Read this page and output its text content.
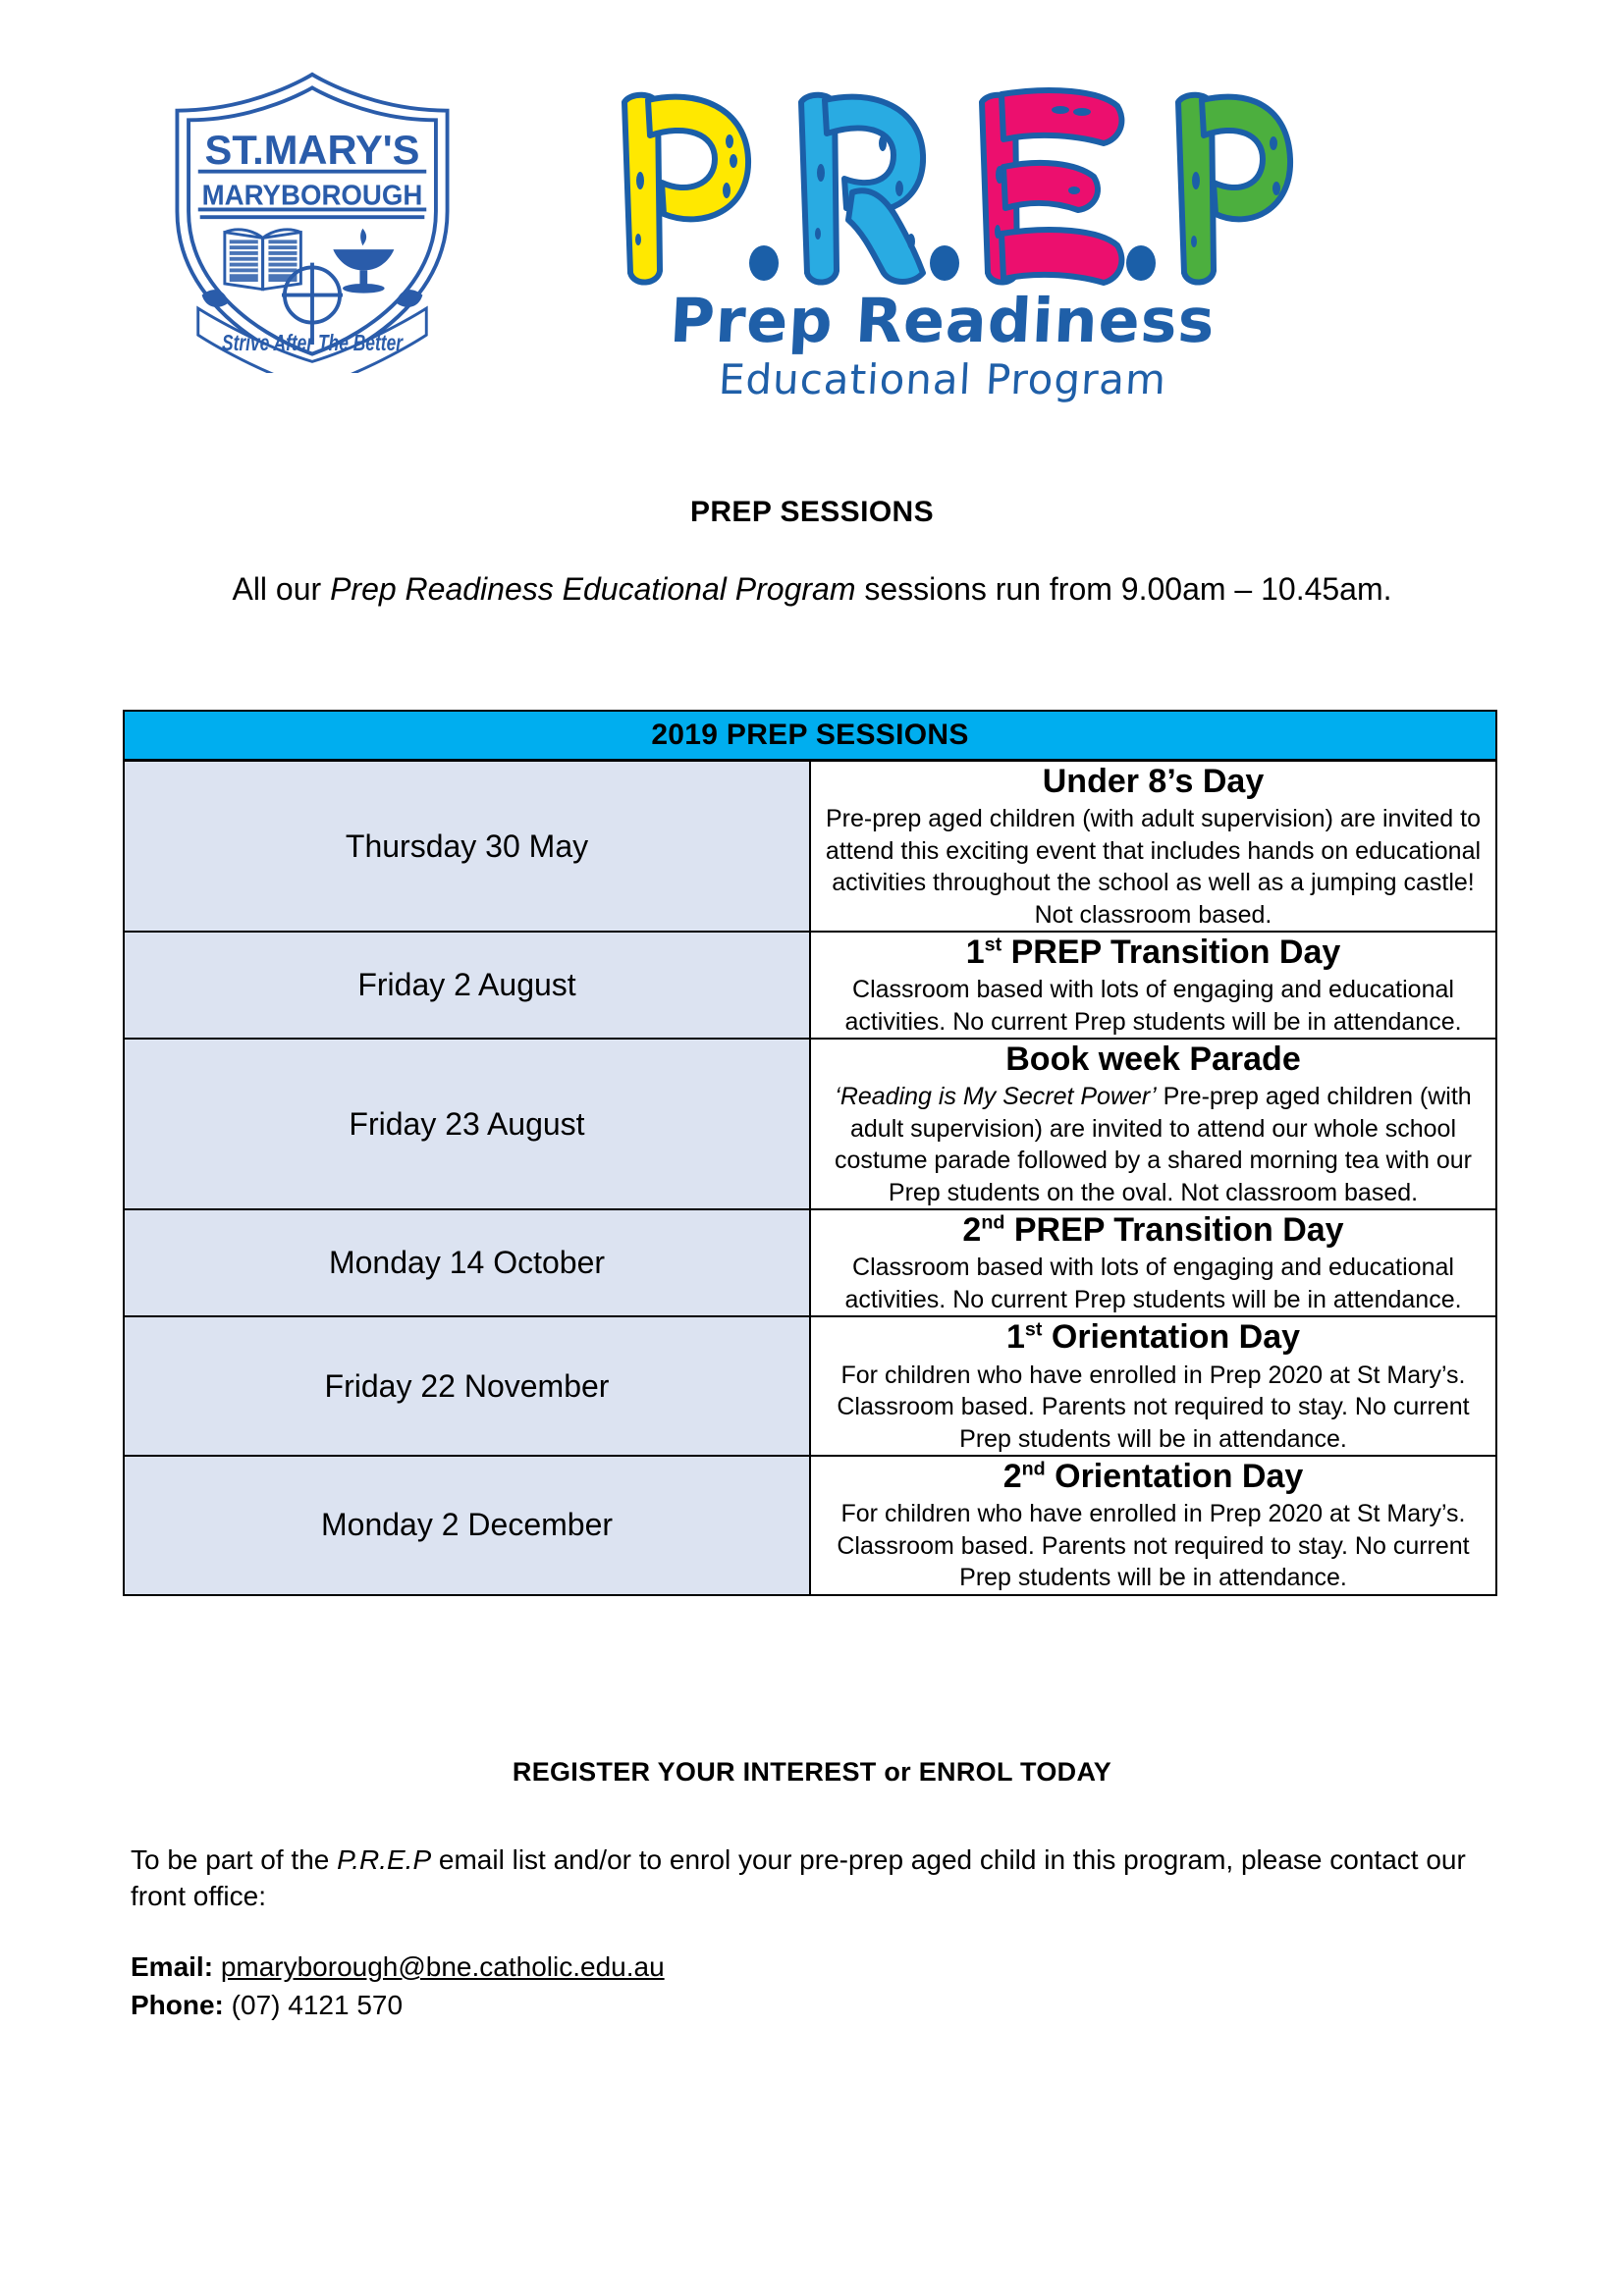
ST.MARY'S
MARYBOROUGH
Strive After The Better	Prep Readiness
Educational Program
PREP SESSIONS
All our Prep Readiness Educational Program sessions run from 9.00am – 10.45am.
2019 PREP SESSIONS	
Thursday 30 May	Under 8’s Day
Pre-prep aged children (with adult supervision) are invited to attend this exciting event that includes hands on educational activities throughout the school as well as a jumping castle! Not classroom based.

Friday 2 August	1st PREP Transition Day
Classroom based with lots of engaging and educational activities. No current Prep students will be in attendance.

Friday 23 August	Book week Parade
‘Reading is My Secret Power’ Pre-prep aged children (with adult supervision) are invited to attend our whole school costume parade followed by a shared morning tea with our Prep students on the oval. Not classroom based.

Monday 14 October	2nd PREP Transition Day
Classroom based with lots of engaging and educational activities. No current Prep students will be in attendance.

Friday 22 November	1st Orientation Day
For children who have enrolled in Prep 2020 at St Mary’s. Classroom based. Parents not required to stay. No current Prep students will be in attendance.

Monday 2 December	2nd Orientation Day
For children who have enrolled in Prep 2020 at St Mary’s. Classroom based. Parents not required to stay. No current Prep students will be in attendance.
REGISTER YOUR INTEREST or ENROL TODAY
To be part of the P.R.E.P email list and/or to enrol your pre-prep aged child in this program, please contact our front office:
Email: pmaryborough@bne.catholic.edu.au
Phone: (07) 4121 570
